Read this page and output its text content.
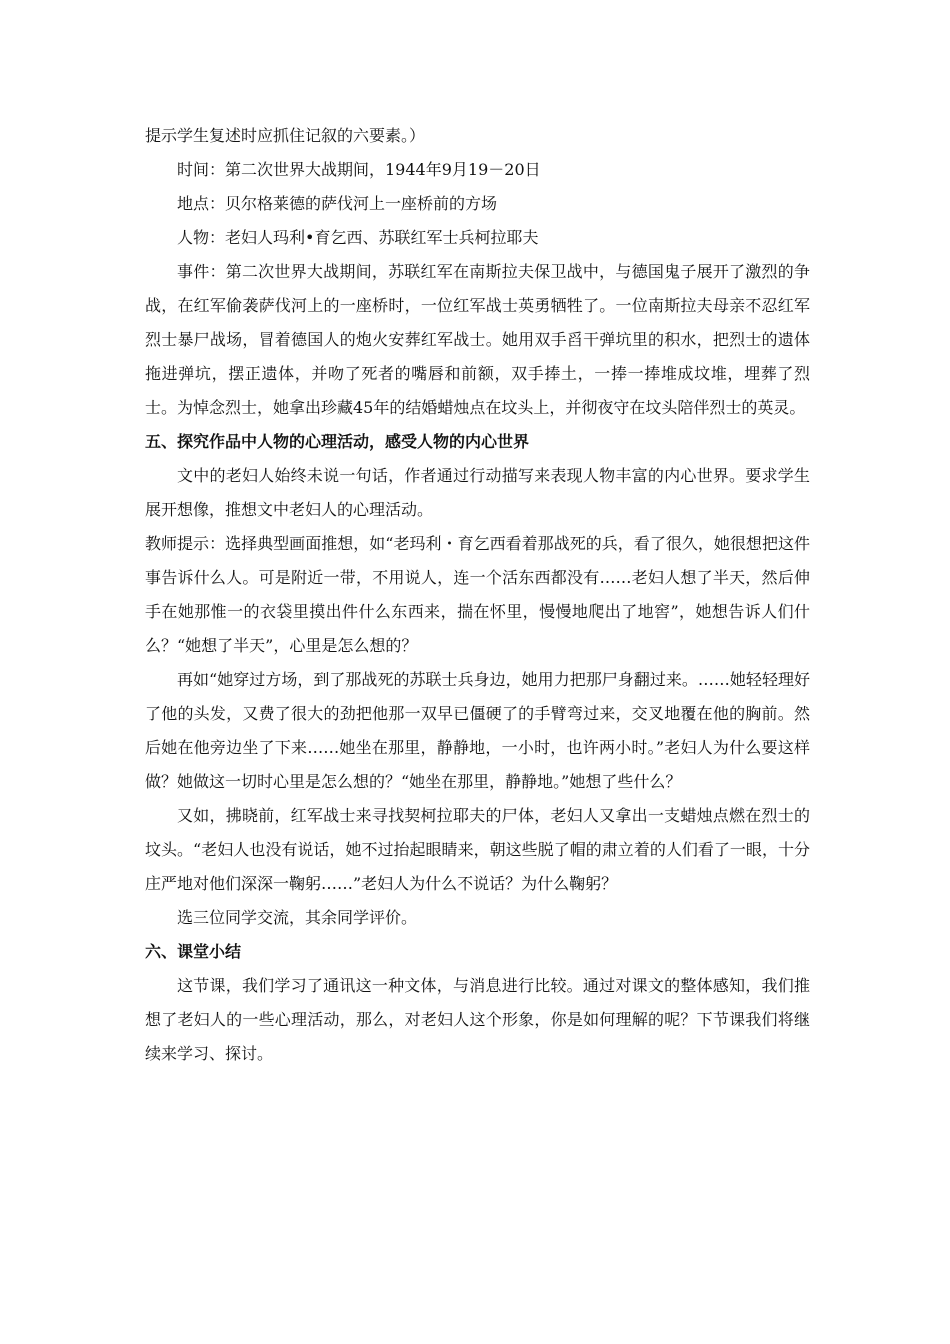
提示学生复述时应抓住记叙的六要素。）

时间：第二次世界大战期间，1944年9月19－20日

地点：贝尔格莱德的萨伐河上一座桥前的方场

人物：老妇人玛利•育乞西、苏联红军士兵柯拉耶夫

事件：第二次世界大战期间，苏联红军在南斯拉夫保卫战中，与德国鬼子展开了激烈的争战，在红军偷袭萨伐河上的一座桥时，一位红军战士英勇牺牲了。一位南斯拉夫母亲不忍红军烈士暴尸战场，冒着德国人的炮火安葬红军战士。她用双手舀干弹坑里的积水，把烈士的遗体拖进弹坑，摆正遗体，并吻了死者的嘴唇和前额，双手捧土，一捧一捧堆成坟堆，埋葬了烈士。为悼念烈士，她拿出珍藏45年的结婚蜡烛点在坟头上，并彻夜守在坟头陪伴烈士的英灵。

五、探究作品中人物的心理活动，感受人物的内心世界

文中的老妇人始终未说一句话，作者通过行动描写来表现人物丰富的内心世界。要求学生展开想像，推想文中老妇人的心理活动。

教师提示：选择典型画面推想，如“老玛利・育乞西看着那战死的兵，看了很久，她很想把这件事告诉什么人。可是附近一带，不用说人，连一个活东西都没有……老妇人想了半天，然后伸手在她那惟一的衣袋里摸出件什么东西来，揣在怀里，慢慢地爬出了地窖”，她想告诉人们什么？“她想了半天”，心里是怎么想的？

再如“她穿过方场，到了那战死的苏联士兵身边，她用力把那尸身翻过来。……她轻轻理好了他的头发，又费了很大的劲把他那一双早已僵硬了的手臂弯过来，交叉地覆在他的胸前。然后她在他旁边坐了下来……她坐在那里，静静地，一小时，也许两小时。”老妇人为什么要这样做？她做这一切时心里是怎么想的？“她坐在那里，静静地。”她想了些什么？

又如，拂晓前，红军战士来寻找契柯拉耶夫的尸体，老妇人又拿出一支蜡烛点燃在烈士的坟头。“老妇人也没有说话，她不过抬起眼睛来，朝这些脱了帽的肃立着的人们看了一眼，十分庄严地对他们深深一鞠躬……”老妇人为什么不说话？为什么鞠躬？

选三位同学交流，其余同学评价。

六、课堂小结

这节课，我们学习了通讯这一种文体，与消息进行比较。通过对课文的整体感知，我们推想了老妇人的一些心理活动，那么，对老妇人这个形象，你是如何理解的呢？下节课我们将继续来学习、探讨。
